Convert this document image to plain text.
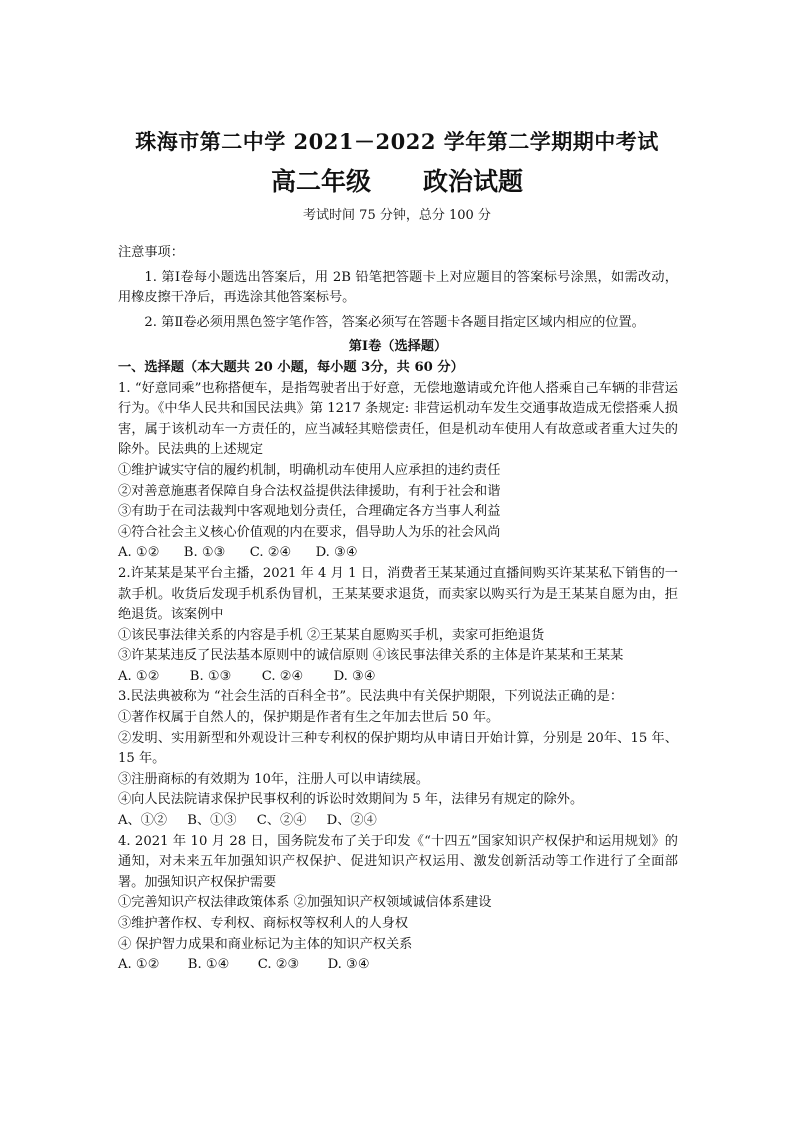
珠海市第二中学 2021－2022 学年第二学期期中考试
高二年级 政治试题
考试时间 75 分钟，总分 100 分
注意事项：
1. 第Ⅰ卷每小题选出答案后，用 2B 铅笔把答题卡上对应题目的答案标号涂黑，如需改动，用橡皮擦干净后，再选涂其他答案标号。
2. 第Ⅱ卷必须用黑色签字笔作答，答案必须写在答题卡各题目指定区域内相应的位置。
第Ⅰ卷（选择题）
一、选择题（本大题共 20 小题，每小题 3分，共 60 分）
1. “好意同乘”也称搭便车，是指驾驶者出于好意，无偿地邀请或允许他人搭乘自己车辆的非营运行为。《中华人民共和国民法典》第 1217 条规定: 非营运机动车发生交通事故造成无偿搭乘人损害，属于该机动车一方责任的，应当减轻其赔偿责任，但是机动车使用人有故意或者重大过失的除外。民法典的上述规定
①维护诚实守信的履约机制，明确机动车使用人应承担的违约责任
②对善意施惠者保障自身合法权益提供法律援助，有利于社会和谐
③有助于在司法裁判中客观地划分责任，合理确定各方当事人利益
④符合社会主义核心价值观的内在要求，倡导助人为乐的社会风尚
A. ①② B. ①③ C. ②④ D. ③④
2.许某某是某平台主播，2021 年 4 月 1 日，消费者王某某通过直播间购买许某某私下销售的一款手机。收货后发现手机系伪冒机，王某某要求退货，而卖家以购买行为是王某某自愿为由，拒绝退货。该案例中
①该民事法律关系的内容是手机 ②王某某自愿购买手机，卖家可拒绝退货
③许某某违反了民法基本原则中的诚信原则 ④该民事法律关系的主体是许某某和王某某
A. ①② B. ①③ C. ②④ D. ③④
3.民法典被称为 “社会生活的百科全书”。民法典中有关保护期限，下列说法正确的是：
①著作权属于自然人的，保护期是作者有生之年加去世后 50 年。
②发明、实用新型和外观设计三种专利权的保护期均从申请日开始计算，分别是 20年、15 年、15 年。
③注册商标的有效期为 10年，注册人可以申请续展。
④向人民法院请求保护民事权利的诉讼时效期间为 5 年，法律另有规定的除外。
A、①② B、①③ C、②④ D、②④
4. 2021 年 10 月 28 日，国务院发布了关于印发《“十四五”国家知识产权保护和运用规划》的通知，对未来五年加强知识产权保护、促进知识产权运用、激发创新活动等工作进行了全面部署。加强知识产权保护需要
①完善知识产权法律政策体系 ②加强知识产权领域诚信体系建设
③维护著作权、专利权、商标权等权利人的人身权
④ 保护智力成果和商业标记为主体的知识产权关系
A. ①② B. ①④ C. ②③ D. ③④
